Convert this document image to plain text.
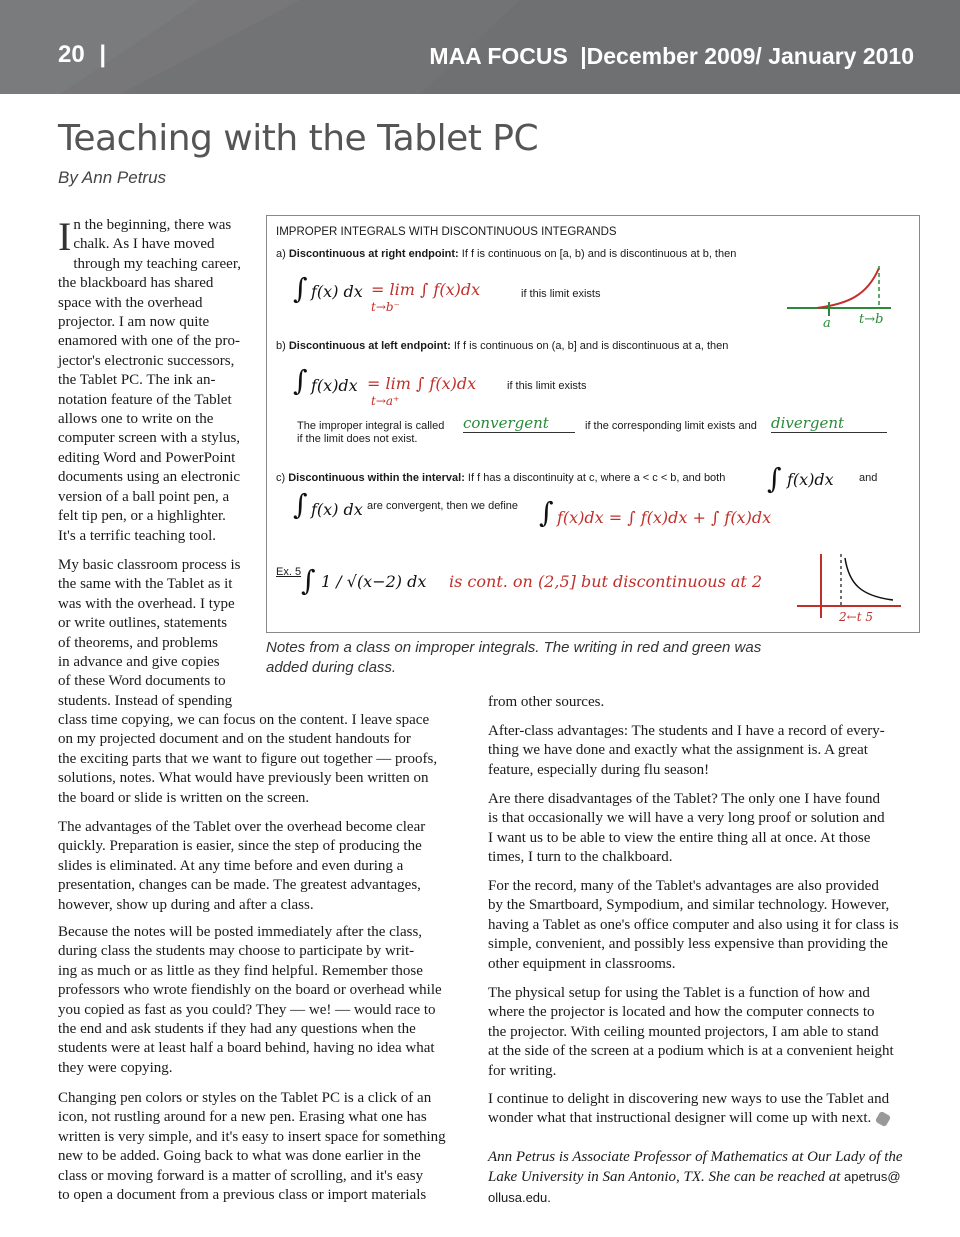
20 |	MAA FOCUS |December 2009/ January 2010
Teaching with the Tablet PC
By Ann Petrus
I n the beginning, there was
chalk. As I have moved
through my teaching career,
the blackboard has shared
space with the overhead
projector. I am now quite
enamored with one of the pro-
jector's electronic successors,
the Tablet PC. The ink an-
notation feature of the Tablet
allows one to write on the
computer screen with a stylus,
editing Word and PowerPoint
documents using an electronic
version of a ball point pen, a
felt tip pen, or a highlighter.
It's a terrific teaching tool.
My basic classroom process is
the same with the Tablet as it
was with the overhead. I type
or write outlines, statements
of theorems, and problems
in advance and give copies
of these Word documents to
students. Instead of spending
class time copying, we can focus on the content. I leave space
on my projected document and on the student handouts for
the exciting parts that we want to figure out together — proofs,
solutions, notes. What would have previously been written on
the board or slide is written on the screen.
The advantages of the Tablet over the overhead become clear
quickly. Preparation is easier, since the step of producing the
slides is eliminated. At any time before and even during a
presentation, changes can be made. The greatest advantages,
however, show up during and after a class.
Because the notes will be posted immediately after the class,
during class the students may choose to participate by writ-
ing as much or as little as they find helpful. Remember those
professors who wrote fiendishly on the board or overhead while
you copied as fast as you could? They — we! — would race to
the end and ask students if they had any questions when the
students were at least half a board behind, having no idea what
they were copying.
Changing pen colors or styles on the Tablet PC is a click of an
icon, not rustling around for a new pen. Erasing what one has
written is very simple, and it's easy to insert space for something
new to be added. Going back to what was done earlier in the
class or moving forward is a matter of scrolling, and it's easy
to open a document from a previous class or import materials
from other sources.
After-class advantages: The students and I have a record of every-
thing we have done and exactly what the assignment is. A great
feature, especially during flu season!
Are there disadvantages of the Tablet? The only one I have found
is that occasionally we will have a very long proof or solution and
I want us to be able to view the entire thing all at once. At those
times, I turn to the chalkboard.
For the record, many of the Tablet's advantages are also provided
by the Smartboard, Sympodium, and similar technology. However,
having a Tablet as one's office computer and also using it for class is
simple, convenient, and possibly less expensive than providing the
other equipment in classrooms.
The physical setup for using the Tablet is a function of how and
where the projector is located and how the computer connects to
the projector. With ceiling mounted projectors, I am able to stand
at the side of the screen at a podium which is at a convenient height
for writing.
I continue to delight in discovering new ways to use the Tablet and
wonder what that instructional designer will come up with next.
Ann Petrus is Associate Professor of Mathematics at Our Lady of the
Lake University in San Antonio, TX. She can be reached at apetrus@
ollusa.edu.
IMPROPER INTEGRALS WITH DISCONTINUOUS INTEGRANDS
a) Discontinuous at right endpoint: If f is continuous on [a, b) and is discontinuous at b, then
∫ f(x) dx = lim ∫ f(x)dx
t→b⁻
if this limit exists
a t→b
b) Discontinuous at left endpoint: If f is continuous on (a, b] and is discontinuous at a, then
∫ f(x)dx = lim ∫ f(x)dx
t→a⁺
if this limit exists
The improper integral is called convergent	if the corresponding limit exists and divergent
if the limit does not exist.
c) Discontinuous within the interval: If f has a discontinuity at c, where a < c < b, and both ∫ f(x)dx and
∫ f(x) dx are convergent, then we define ∫ f(x)dx = ∫ f(x)dx + ∫ f(x)dx
Ex. 5 ∫ 1 / √(x−2) dx is cont. on (2,5] but discontinuous at 2
2←t 5
Notes from a class on improper integrals. The writing in red and green was added during class.
